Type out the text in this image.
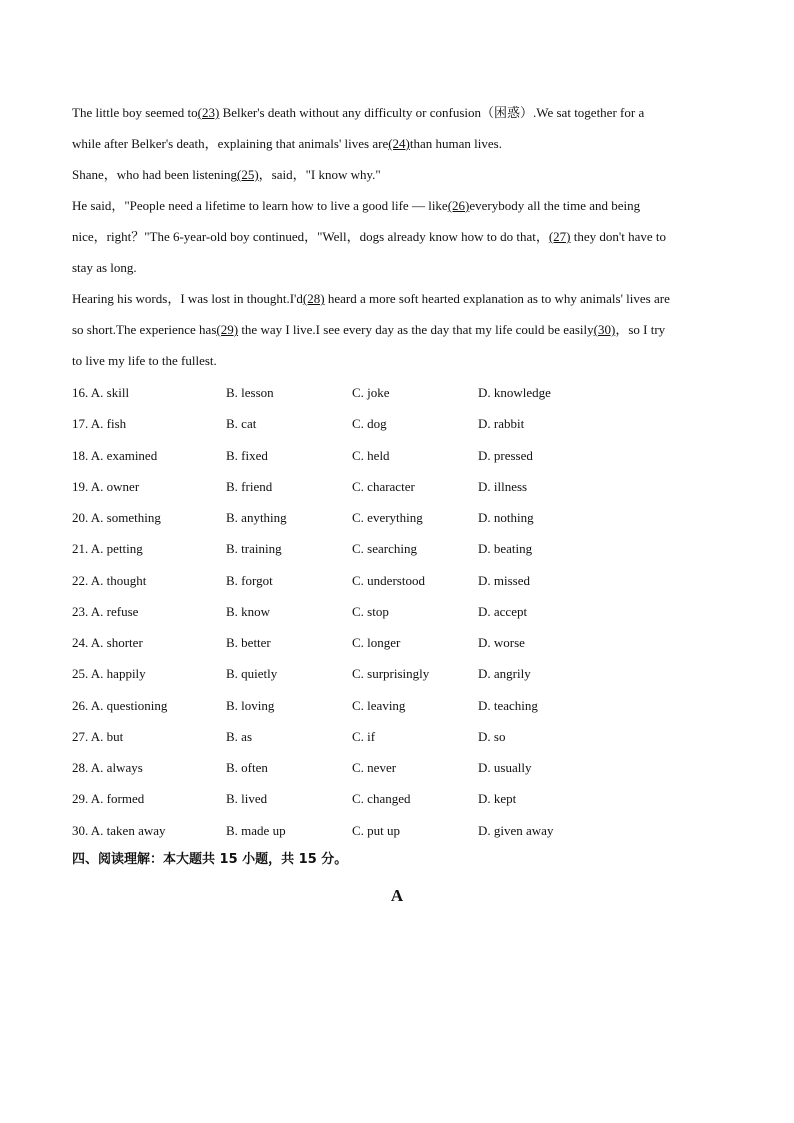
The little boy seemed to(23) Belker's death without any difficulty or confusion（困惑）.We sat together for a
while after Belker's death，explaining that animals' lives are(24)than human lives.
Shane，who had been listening(25)，said，"I know why."
He said，"People need a lifetime to learn how to live a good life — like(26)everybody all the time and being
nice，right？"The 6-year-old boy continued，"Well，dogs already know how to do that，(27) they don't have to
stay as long.
Hearing his words，I was lost in thought.I'd(28) heard a more soft hearted explanation as to why animals' lives are
so short.The experience has(29) the way I live.I see every day as the day that my life could be easily(30)，so I try
to live my life to the fullest.
16. A. skill	B. lesson	C. joke	D. knowledge
17. A. fish	B. cat	C. dog	D. rabbit
18. A. examined	B. fixed	C. held	D. pressed
19. A. owner	B. friend	C. character	D. illness
20. A. something	B. anything	C. everything	D. nothing
21. A. petting	B. training	C. searching	D. beating
22. A. thought	B. forgot	C. understood	D. missed
23. A. refuse	B. know	C. stop	D. accept
24. A. shorter	B. better	C. longer	D. worse
25. A. happily	B. quietly	C. surprisingly	D. angrily
26. A. questioning	B. loving	C. leaving	D. teaching
27. A. but	B. as	C. if	D. so
28. A. always	B. often	C. never	D. usually
29. A. formed	B. lived	C. changed	D. kept
30. A. taken away	B. made up	C. put up	D. given away
四、阅读理解：本大题共 15 小题，共 15 分。
A
